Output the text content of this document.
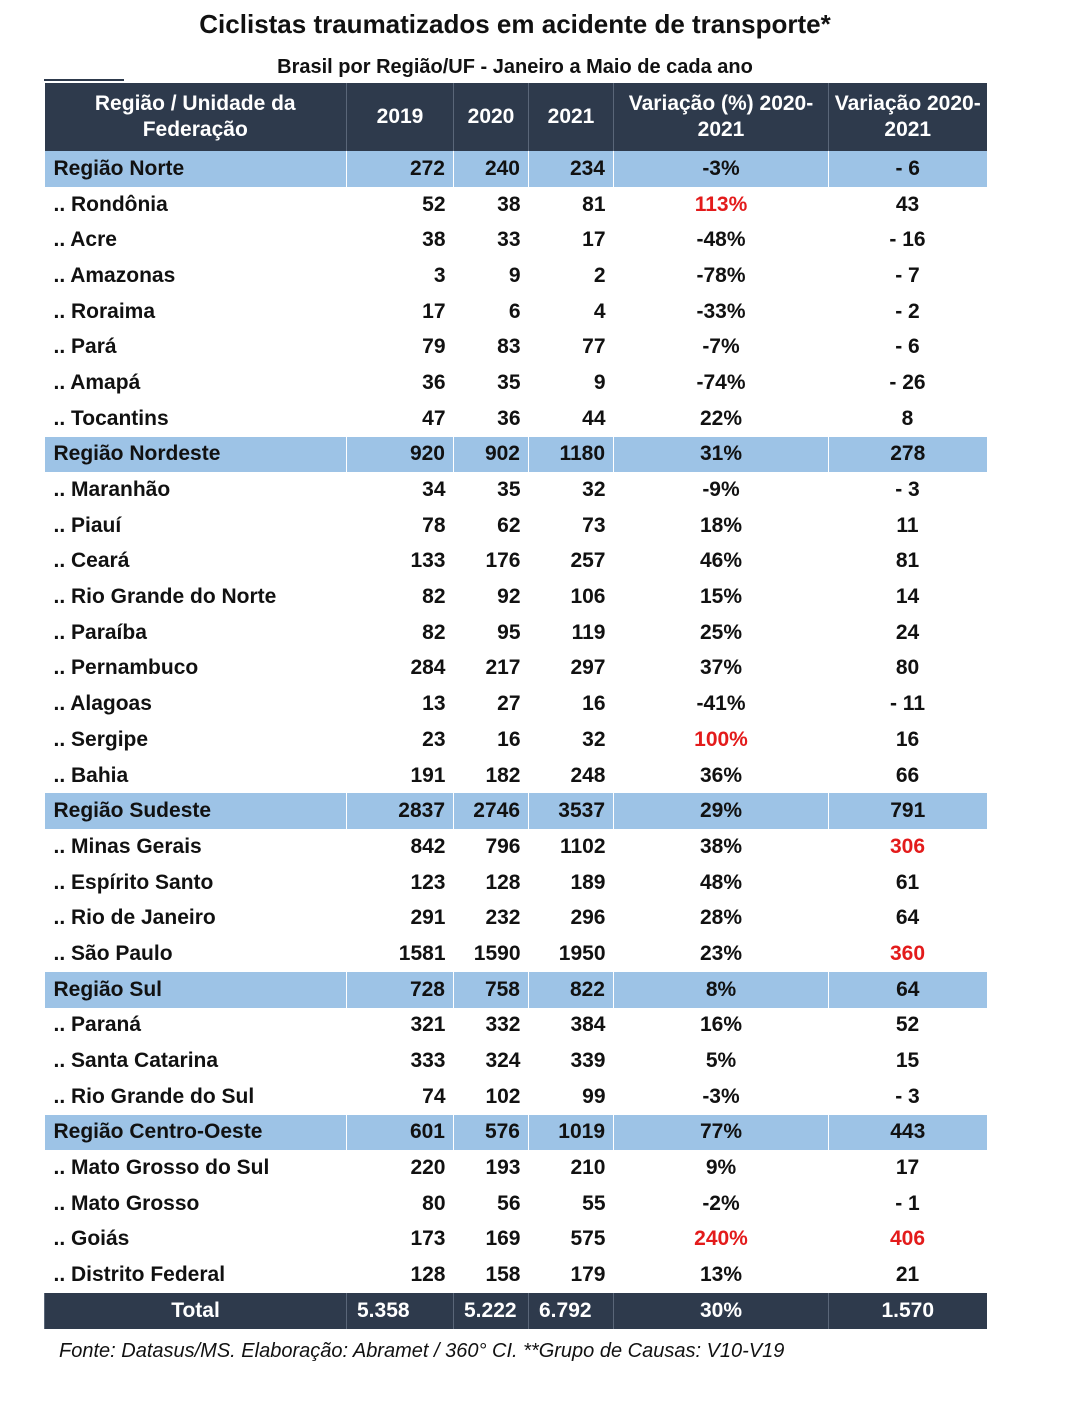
Ciclistas traumatizados em acidente de transporte*
Brasil por Região/UF - Janeiro a Maio de cada ano
Região / Unidade da Federação	2019	2020	2021	Variação (%) 2020-2021	Variação 2020-2021
Região Norte	272	240	234	-3%	- 6
.. Rondônia	52	38	81	113%	43
.. Acre	38	33	17	-48%	- 16
.. Amazonas	3	9	2	-78%	- 7
.. Roraima	17	6	4	-33%	- 2
.. Pará	79	83	77	-7%	- 6
.. Amapá	36	35	9	-74%	- 26
.. Tocantins	47	36	44	22%	8
Região Nordeste	920	902	1180	31%	278
.. Maranhão	34	35	32	-9%	- 3
.. Piauí	78	62	73	18%	11
.. Ceará	133	176	257	46%	81
.. Rio Grande do Norte	82	92	106	15%	14
.. Paraíba	82	95	119	25%	24
.. Pernambuco	284	217	297	37%	80
.. Alagoas	13	27	16	-41%	- 11
.. Sergipe	23	16	32	100%	16
.. Bahia	191	182	248	36%	66
Região Sudeste	2837	2746	3537	29%	791
.. Minas Gerais	842	796	1102	38%	306
.. Espírito Santo	123	128	189	48%	61
.. Rio de Janeiro	291	232	296	28%	64
.. São Paulo	1581	1590	1950	23%	360
Região Sul	728	758	822	8%	64
.. Paraná	321	332	384	16%	52
.. Santa Catarina	333	324	339	5%	15
.. Rio Grande do Sul	74	102	99	-3%	- 3
Região Centro-Oeste	601	576	1019	77%	443
.. Mato Grosso do Sul	220	193	210	9%	17
.. Mato Grosso	80	56	55	-2%	- 1
.. Goiás	173	169	575	240%	406
.. Distrito Federal	128	158	179	13%	21
Total	5.358	5.222	6.792	30%	1.570
Fonte: Datasus/MS. Elaboração: Abramet / 360° CI. **Grupo de Causas: V10-V19
